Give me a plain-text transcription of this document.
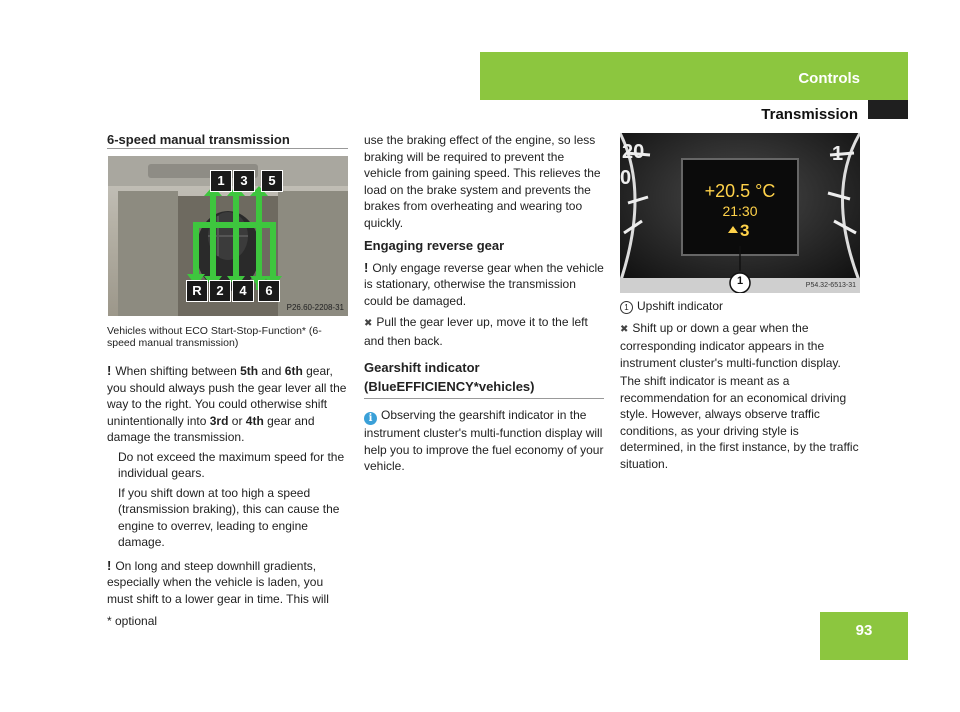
Controls
Transmission

6-speed manual transmission

1	3	5
R	2	4	6
P26.60-2208-31
Vehicles without ECO Start-Stop-Function* (6-speed manual transmission)

! When shifting between 5th and 6th gear, you should always push the gear lever all the way to the right. You could otherwise shift unintentionally into 3rd or 4th gear and damage the transmission.

Do not exceed the maximum speed for the individual gears.

If you shift down at too high a speed (transmission braking), this can cause the engine to overrev, leading to engine damage.

! On long and steep downhill gradients, especially when the vehicle is laden, you must shift to a lower gear in time. This will

use the braking effect of the engine, so less braking will be required to prevent the vehicle from gaining speed. This relieves the load on the brake system and prevents the brakes from overheating and wearing too quickly.

Engaging reverse gear

! Only engage reverse gear when the vehicle is stationary, otherwise the transmission could be damaged.

✖ Pull the gear lever up, move it to the left and then back.

Gearshift indicator (BlueEFFICIENCY*vehicles)

i Observing the gearshift indicator in the instrument cluster's multi-function display will help you to improve the fuel economy of your vehicle.

20
0
1
+20.5 °C
21:30
3
1	P54.32-6513-31

1 Upshift indicator

✖ Shift up or down a gear when the corresponding indicator appears in the instrument cluster's multi-function display.

The shift indicator is meant as a recommendation for an economical driving style. However, always observe traffic conditions, as your driving style is determined, in the first instance, by the traffic situation.

* optional
93
